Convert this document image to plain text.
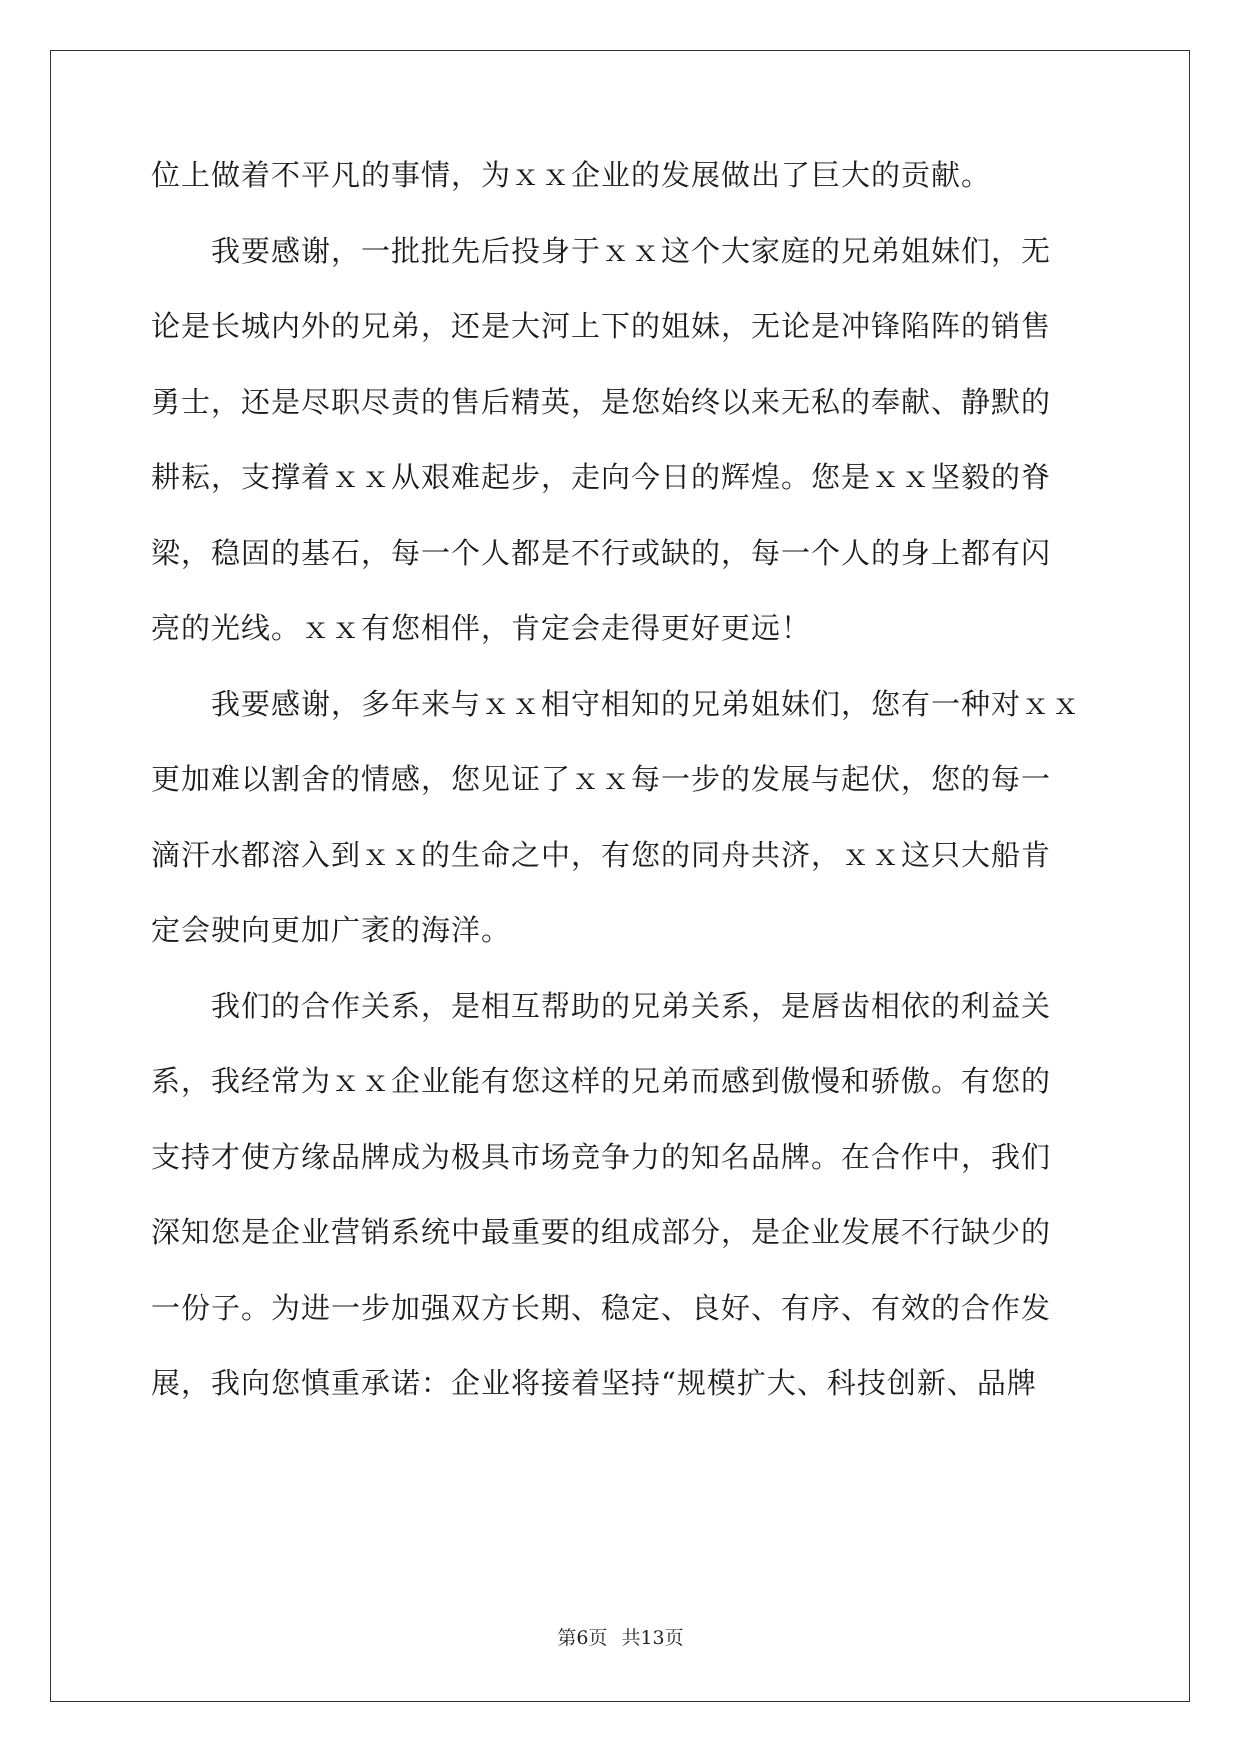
位上做着不平凡的事情，为ｘｘ企业的发展做出了巨大的贡献。
我要感谢，一批批先后投身于ｘｘ这个大家庭的兄弟姐妹们，无
论是长城内外的兄弟，还是大河上下的姐妹，无论是冲锋陷阵的销售
勇士，还是尽职尽责的售后精英，是您始终以来无私的奉献、静默的
耕耘，支撑着ｘｘ从艰难起步，走向今日的辉煌。您是ｘｘ坚毅的脊
梁，稳固的基石，每一个人都是不行或缺的，每一个人的身上都有闪
亮的光线。ｘｘ有您相伴，肯定会走得更好更远！
我要感谢，多年来与ｘｘ相守相知的兄弟姐妹们，您有一种对ｘｘ
更加难以割舍的情感，您见证了ｘｘ每一步的发展与起伏，您的每一
滴汗水都溶入到ｘｘ的生命之中，有您的同舟共济，ｘｘ这只大船肯
定会驶向更加广袤的海洋。
我们的合作关系，是相互帮助的兄弟关系，是唇齿相依的利益关
系，我经常为ｘｘ企业能有您这样的兄弟而感到傲慢和骄傲。有您的
支持才使方缘品牌成为极具市场竞争力的知名品牌。在合作中，我们
深知您是企业营销系统中最重要的组成部分，是企业发展不行缺少的
一份子。为进一步加强双方长期、稳定、良好、有序、有效的合作发
展，我向您慎重承诺：企业将接着坚持“规模扩大、科技创新、品牌
第6页 共13页
